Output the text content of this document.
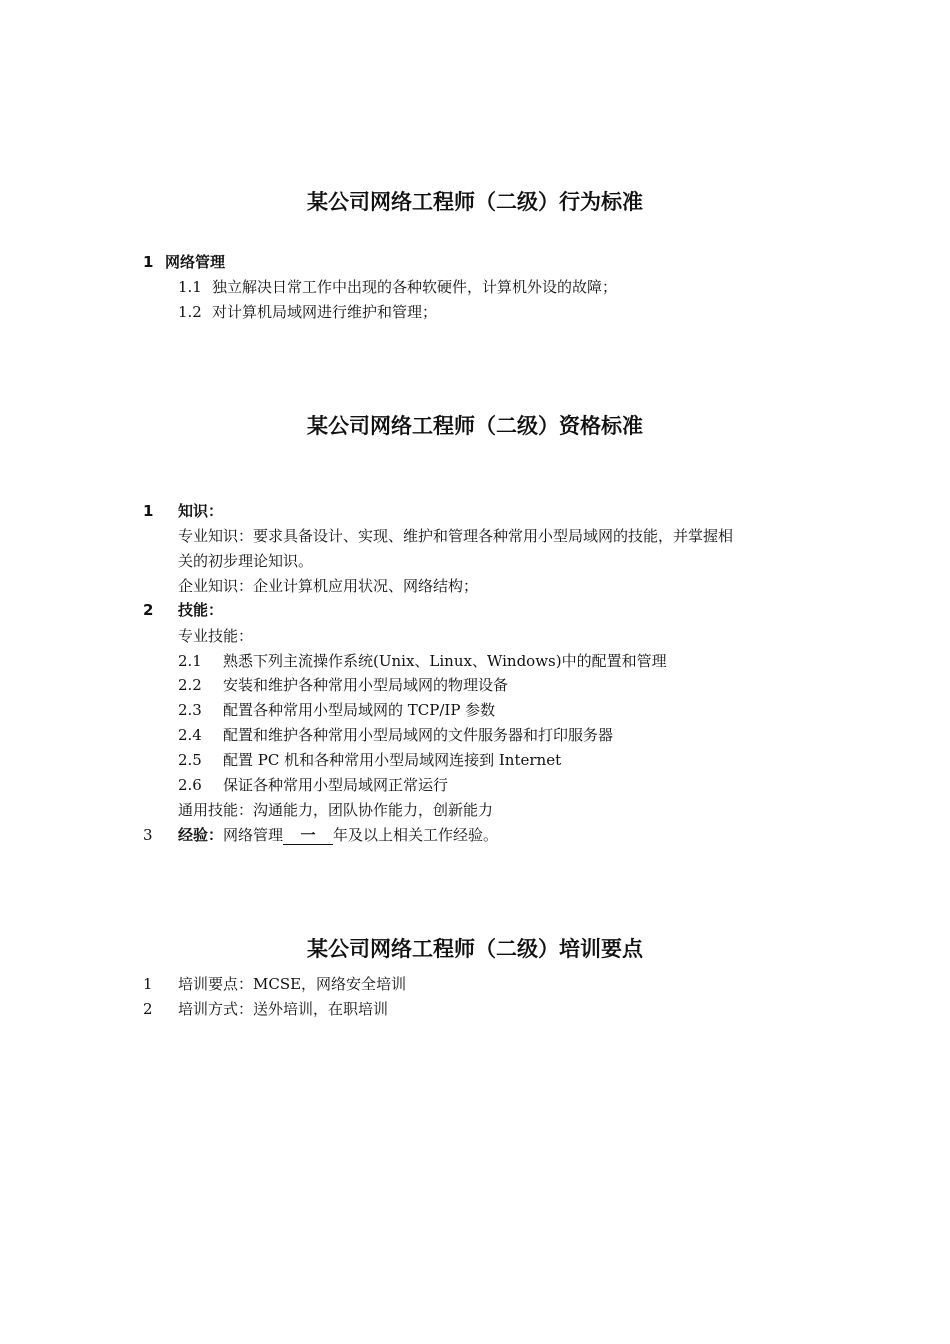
某公司网络工程师（二级）行为标准
1 网络管理
1.1 独立解决日常工作中出现的各种软硬件，计算机外设的故障；
1.2 对计算机局域网进行维护和管理；
某公司网络工程师（二级）资格标准
1 知识：
专业知识：要求具备设计、实现、维护和管理各种常用小型局域网的技能，并掌握相
关的初步理论知识。
企业知识：企业计算机应用状况、网络结构；
2 技能：
专业技能：
2.1 熟悉下列主流操作系统(Unix、Linux、Windows)中的配置和管理
2.2 安装和维护各种常用小型局域网的物理设备
2.3 配置各种常用小型局域网的 TCP/IP 参数
2.4 配置和维护各种常用小型局域网的文件服务器和打印服务器
2.5 配置 PC 机和各种常用小型局域网连接到 Internet
2.6 保证各种常用小型局域网正常运行
通用技能：沟通能力，团队协作能力，创新能力
3 经验：网络管理 一 年及以上相关工作经验。
某公司网络工程师（二级）培训要点
1 培训要点：MCSE，网络安全培训
2 培训方式：送外培训，在职培训
